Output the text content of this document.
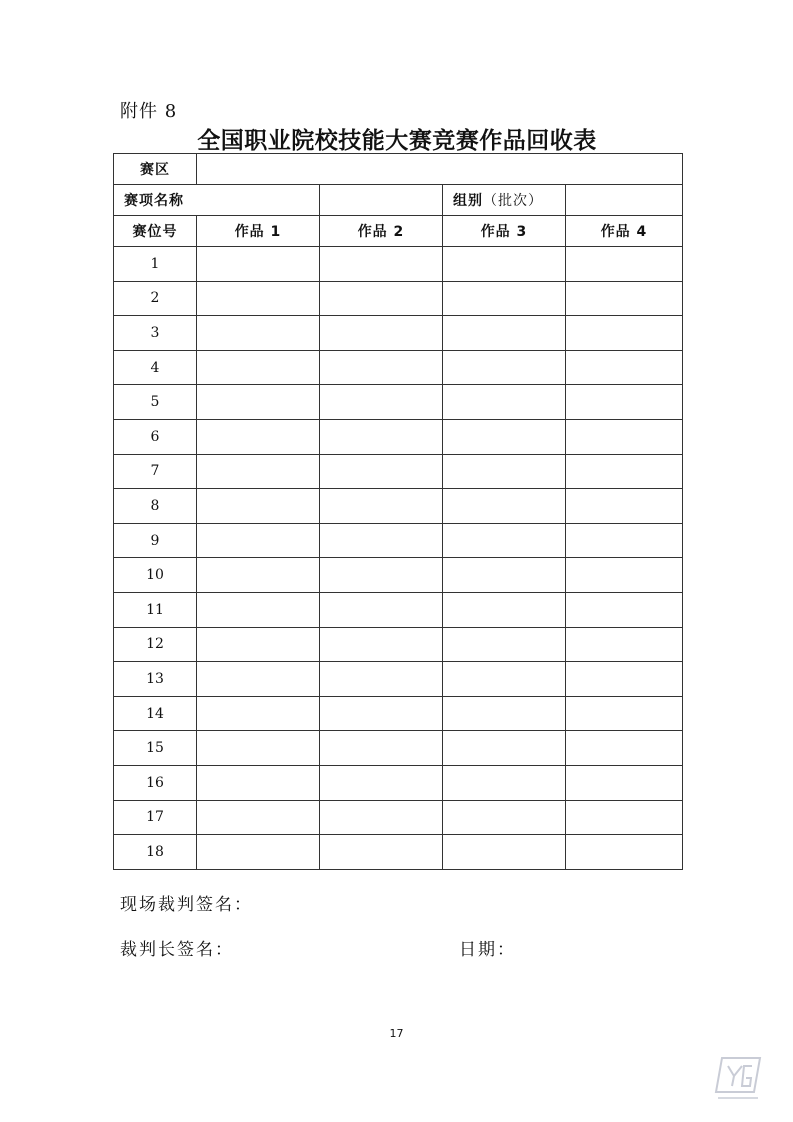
附件 8
全国职业院校技能大赛竞赛作品回收表
赛区				
赛项名称			组别（批次）	
赛位号	作品 1	作品 2	作品 3	作品 4
1				
2				
3				
4				
5				
6				
7				
8				
9				
10				
11				
12				
13				
14				
15				
16				
17				
18				
现场裁判签名：
裁判长签名：	日期：
17
